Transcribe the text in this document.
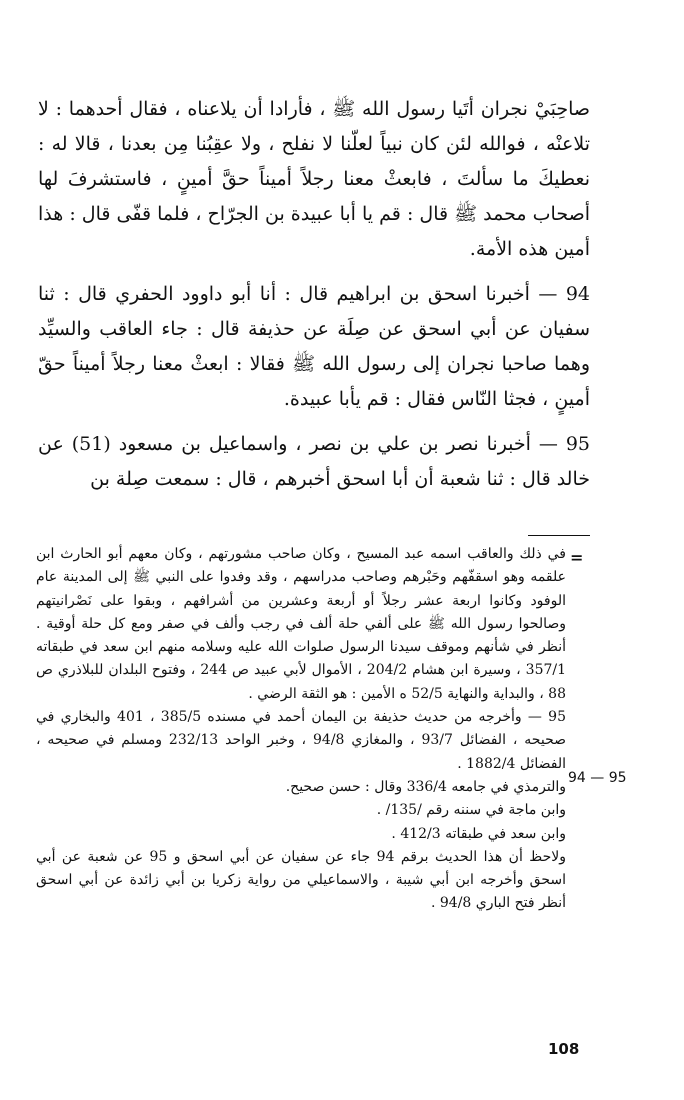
صاحِبَيْ نجران أتَيا رسول الله ﷺ ، فأرادا أن يلاعناه ، فقال أحدهما : لا تلاعنْه ، فوالله لئن كان نبياً لعلّنا لا نفلح ، ولا عقِبُنا مِن بعدنا ، قالا له : نعطيكَ ما سألتَ ، فابعثْ معنا رجلاً أميناً حقَّ أمينٍ ، فاستشرفَ لها أصحاب محمد ﷺ قال : قم يا أبا عبيدة بن الجرّاح ، فلما قفّى قال : هذا أمين هذه الأمة.

94 — أخبرنا اسحق بن ابراهيم قال : أنا أبو داوود الحفري قال : ثنا سفيان عن أبي اسحق عن صِلَة عن حذيفة قال : جاء العاقب والسيِّد وهما صاحبا نجران إلى رسول الله ﷺ فقالا : ابعثْ معنا رجلاً أميناً حقّ أمينٍ ، فجثا النّاس فقال : قم يأبا عبيدة.

95 — أخبرنا نصر بن علي بن نصر ، واسماعيل بن مسعود (51) عن خالد قال : ثنا شعبة أن أبا اسحق أخبرهم ، قال : سمعت صِلة بن

=
94 — 95

في ذلك والعاقب اسمه عبد المسيح ، وكان صاحب مشورتهم ، وكان معهم أبو الحارث ابن علقمه وهو اسقفّهم وحَبْرهم وصاحب مدراسهم ، وقد وفدوا على النبي ﷺ إلى المدينة عام الوفود وكانوا اربعة عشر رجلاً أو أربعة وعشرين من أشرافهم ، وبقوا على نَصْرانيتهم وصالحوا رسول الله ﷺ على ألفي حلة ألف في رجب وألف في صفر ومع كل حلة أوقية . أنظر في شأنهم وموقف سيدنا الرسول صلوات الله عليه وسلامه منهم ابن سعد في طبقاته 357/1 ، وسيرة ابن هشام 204/2 ، الأموال لأبي عبيد ص 244 ، وفتوح البلدان للبلاذري ص 88 ، والبداية والنهاية 52/5 ه الأمين : هو الثقة الرضي .

95 — وأخرجه من حديث حذيفة بن اليمان أحمد في مسنده 385/5 ، 401 والبخاري في صحيحه ، الفضائل 93/7 ، والمغازي 94/8 ، وخبر الواحد 232/13 ومسلم في صحيحه ، الفضائل 1882/4 .

والترمذي في جامعه 336/4 وقال : حسن صحيح.

وابن ماجة في سننه رقم /135/ .

وابن سعد في طبقاته 412/3 .

ولاحظ أن هذا الحديث برقم 94 جاء عن سفيان عن أبي اسحق و 95 عن شعبة عن أبي اسحق وأخرجه ابن أبي شيبة ، والاسماعيلي من رواية زكريا بن أبي زائدة عن أبي اسحق أنظر فتح الباري 94/8 .

108
